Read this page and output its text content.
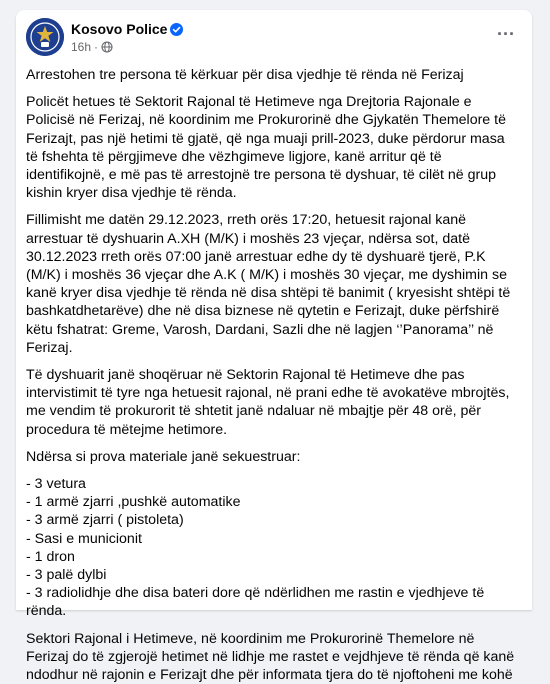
Kosovo Police
16h ·
···

Arrestohen tre persona të kërkuar për disa vjedhje të rënda në Ferizaj

Policët hetues të Sektorit Rajonal të Hetimeve nga Drejtoria Rajonale e Policisë në Ferizaj, në koordinim me Prokurorinë dhe Gjykatën Themelore të Ferizajt, pas një hetimi të gjatë, që nga muaji prill-2023, duke përdorur masa të fshehta të përgjimeve dhe vëzhgimeve ligjore, kanë arritur që të identifikojnë, e më pas të arrestojnë tre persona të dyshuar, të cilët në grup kishin kryer disa vjedhje të rënda.

Fillimisht me datën 29.12.2023, rreth orës 17:20, hetuesit rajonal kanë arrestuar të dyshuarin A.XH (M/K) i moshës 23 vjeçar, ndërsa sot, datë 30.12.2023 rreth orës 07:00 janë arrestuar edhe dy të dyshuarë tjerë, P.K (M/K) i moshës 36 vjeçar dhe A.K ( M/K) i moshës 30 vjeçar, me dyshimin se kanë kryer disa vjedhje të rënda në disa shtëpi të banimit ( kryesisht shtëpi të bashkatdhetarëve) dhe në disa biznese në qytetin e Ferizajt, duke përfshirë këtu fshatrat: Greme, Varosh, Dardani, Sazli dhe në lagjen ‘’Panorama’’ në Ferizaj.

Të dyshuarit janë shoqëruar në Sektorin Rajonal të Hetimeve dhe pas intervistimit të tyre nga hetuesit rajonal, në prani edhe të avokatëve mbrojtës, me vendim të prokurorit të shtetit janë ndaluar në mbajtje për 48 orë, për procedura të mëtejme hetimore.

Ndërsa si prova materiale janë sekuestruar:

- 3 vetura
- 1 armë zjarri ,pushkë automatike
- 3 armë zjarri ( pistoleta)
- Sasi e municionit
- 1 dron
- 3 palë dylbi
- 3 radiolidhje dhe disa bateri dore që ndërlidhen me rastin e vjedhjeve të rënda.

Sektori Rajonal i Hetimeve, në koordinim me Prokurorinë Themelore në Ferizaj do të zgjerojë hetimet në lidhje me rastet e vejdhjeve të rënda që kanë ndodhur në rajonin e Ferizajt dhe për informata tjera do të njoftoheni me kohë
